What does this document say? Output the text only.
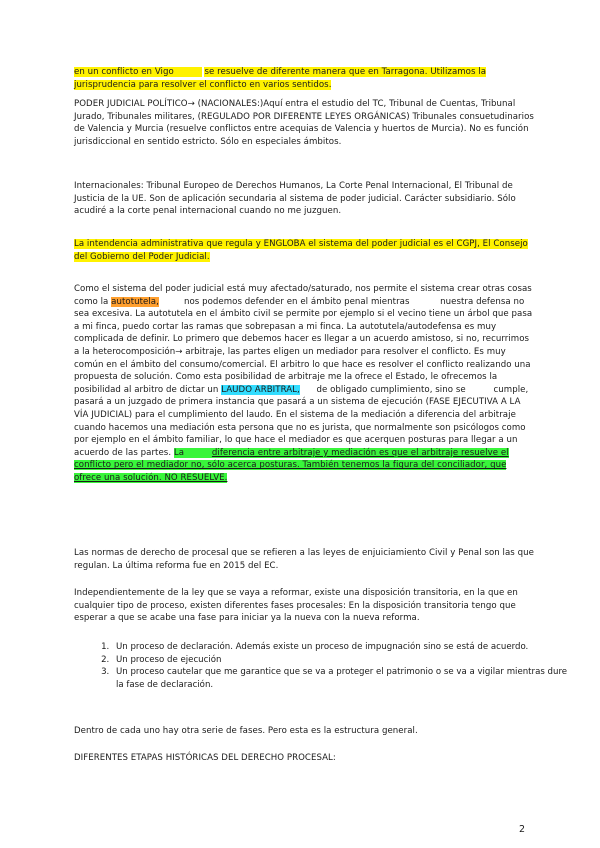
en un conflicto en Vigo	se resuelve de diferente manera que en Tarragona. Utilizamos la jurisprudencia para resolver el conflicto en varios sentidos.
PODER JUDICIAL POLÍTICO→ (NACIONALES:)Aquí entra el estudio del TC, Tribunal de Cuentas, Tribunal Jurado, Tribunales militares, (REGULADO POR DIFERENTE LEYES ORGÁNICAS) Tribunales consuetudinarios de Valencia y Murcia (resuelve conflictos entre acequias de Valencia y huertos de Murcia). No es función jurisdiccional en sentido estricto. Sólo en especiales ámbitos.
Internacionales: Tribunal Europeo de Derechos Humanos, La Corte Penal Internacional, El Tribunal de Justicia de la UE. Son de aplicación secundaria al sistema de poder judicial. Carácter subsidiario. Sólo acudiré a la corte penal internacional cuando no me juzguen.
La intendencia administrativa que regula y ENGLOBA el sistema del poder judicial es el CGPJ, El Consejo del Gobierno del Poder Judicial.
Como el sistema del poder judicial está muy afectado/saturado, nos permite el sistema crear otras cosas como la autotutela,	nos podemos defender en el ámbito penal mientras	nuestra defensa no sea excesiva. La autotutela en el ámbito civil se permite por ejemplo si el vecino tiene un árbol que pasa a mi finca, puedo cortar las ramas que sobrepasan a mi finca. La autotutela/autodefensa es muy complicada de definir. Lo primero que debemos hacer es llegar a un acuerdo amistoso, si no, recurrimos a la heterocomposición→ arbitraje, las partes eligen un mediador para resolver el conflicto. Es muy común en el ámbito del consumo/comercial. El arbitro lo que hace es resolver el conflicto realizando una propuesta de solución. Como esta posibilidad de arbitraje me la ofrece el Estado, le ofrecemos la posibilidad al arbitro de dictar un LAUDO ARBITRAL, de obligado cumplimiento, sino se	cumple, pasará a un juzgado de primera instancia que pasará a un sistema de ejecución (FASE EJECUTIVA A LA VÍA JUDICIAL) para el cumplimiento del laudo. En el sistema de la mediación a diferencia del arbitraje cuando hacemos una mediación esta persona que no es jurista, que normalmente son psicólogos como por ejemplo en el ámbito familiar, lo que hace el mediador es que acerquen posturas para llegar a un acuerdo de las partes. La	diferencia entre arbitraje y mediación es que el arbitraje resuelve el conflicto pero el mediador no, sólo acerca posturas. También tenemos la figura del conciliador, que ofrece una solución. NO RESUELVE.
Las normas de derecho de procesal que se refieren a las leyes de enjuiciamiento Civil y Penal son las que regulan. La última reforma fue en 2015 del EC.
Independientemente de la ley que se vaya a reformar, existe una disposición transitoria, en la que en cualquier tipo de proceso, existen diferentes fases procesales: En la disposición transitoria tengo que esperar a que se acabe una fase para iniciar ya la nueva con la nueva reforma.
1. Un proceso de declaración. Además existe un proceso de impugnación sino se está de acuerdo.
2. Un proceso de ejecución
3. Un proceso cautelar que me garantice que se va a proteger el patrimonio o se va a vigilar mientras dure la fase de declaración.
Dentro de cada uno hay otra serie de fases. Pero esta es la estructura general.
DIFERENTES ETAPAS HISTÓRICAS DEL DERECHO PROCESAL:
2
